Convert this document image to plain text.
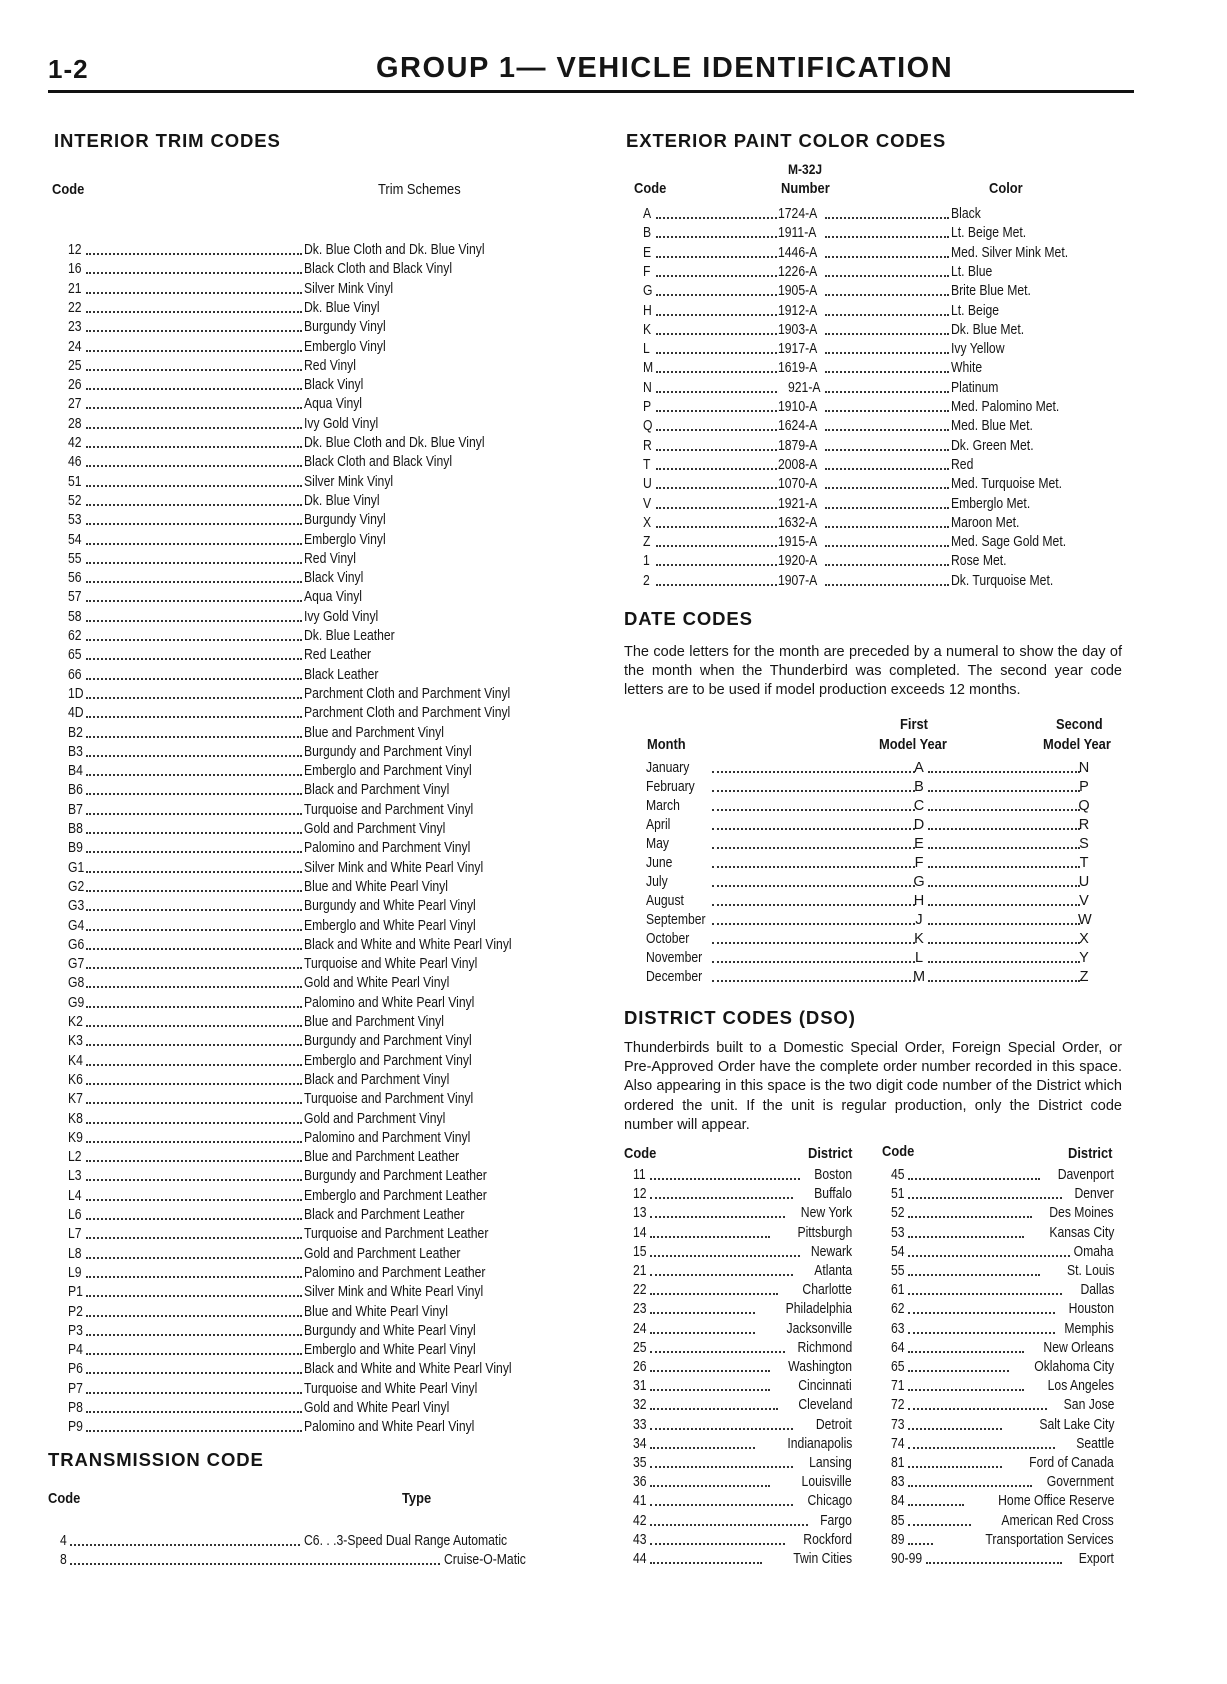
1-2	GROUP 1— VEHICLE IDENTIFICATION
INTERIOR TRIM CODES	EXTERIOR PAINT COLOR CODES
TRANSMISSION CODE
DATE CODES
DISTRICT CODES (DSO)
Code	Trim Schemes
12	Dk. Blue Cloth and Dk. Blue Vinyl
16	Black Cloth and Black Vinyl
21	Silver Mink Vinyl
22	Dk. Blue Vinyl
23	Burgundy Vinyl
24	Emberglo Vinyl
25	Red Vinyl
26	Black Vinyl
27	Aqua Vinyl
28	Ivy Gold Vinyl
42	Dk. Blue Cloth and Dk. Blue Vinyl
46	Black Cloth and Black Vinyl
51	Silver Mink Vinyl
52	Dk. Blue Vinyl
53	Burgundy Vinyl
54	Emberglo Vinyl
55	Red Vinyl
56	Black Vinyl
57	Aqua Vinyl
58	Ivy Gold Vinyl
62	Dk. Blue Leather
65	Red Leather
66	Black Leather
1D	Parchment Cloth and Parchment Vinyl
4D	Parchment Cloth and Parchment Vinyl
B2	Blue and Parchment Vinyl
B3	Burgundy and Parchment Vinyl
B4	Emberglo and Parchment Vinyl
B6	Black and Parchment Vinyl
B7	Turquoise and Parchment Vinyl
B8	Gold and Parchment Vinyl
B9	Palomino and Parchment Vinyl
G1	Silver Mink and White Pearl Vinyl
G2	Blue and White Pearl Vinyl
G3	Burgundy and White Pearl Vinyl
G4	Emberglo and White Pearl Vinyl
G6	Black and White and White Pearl Vinyl
G7	Turquoise and White Pearl Vinyl
G8	Gold and White Pearl Vinyl
G9	Palomino and White Pearl Vinyl
K2	Blue and Parchment Vinyl
K3	Burgundy and Parchment Vinyl
K4	Emberglo and Parchment Vinyl
K6	Black and Parchment Vinyl
K7	Turquoise and Parchment Vinyl
K8	Gold and Parchment Vinyl
K9	Palomino and Parchment Vinyl
L2	Blue and Parchment Leather
L3	Burgundy and Parchment Leather
L4	Emberglo and Parchment Leather
L6	Black and Parchment Leather
L7	Turquoise and Parchment Leather
L8	Gold and Parchment Leather
L9	Palomino and Parchment Leather
P1	Silver Mink and White Pearl Vinyl
P2	Blue and White Pearl Vinyl
P3	Burgundy and White Pearl Vinyl
P4	Emberglo and White Pearl Vinyl
P6	Black and White and White Pearl Vinyl
P7	Turquoise and White Pearl Vinyl
P8	Gold and White Pearl Vinyl
P9	Palomino and White Pearl Vinyl
Code	Type
4	C6. . .3-Speed Dual Range Automatic
8	Cruise-O-Matic
M-32J
Code	Number	Color
A	1724-A	Black
B	1911-A	Lt. Beige Met.
E	1446-A	Med. Silver Mink Met.
F	1226-A	Lt. Blue
G	1905-A	Brite Blue Met.
H	1912-A	Lt. Beige
K	1903-A	Dk. Blue Met.
L	1917-A	Ivy Yellow
M	1619-A	White
N	921-A	Platinum
P	1910-A	Med. Palomino Met.
Q	1624-A	Med. Blue Met.
R	1879-A	Dk. Green Met.
T	2008-A	Red
U	1070-A	Med. Turquoise Met.
V	1921-A	Emberglo Met.
X	1632-A	Maroon Met.
Z	1915-A	Med. Sage Gold Met.
1	1920-A	Rose Met.
2	1907-A	Dk. Turquoise Met.
The code letters for the month are preceded by a numeral to show the day of the month when the Thunderbird was completed. The second year code letters are to be used if model production exceeds 12 months.
First	Second
Month	Model Year	Model Year
January	A	N
February	B	P
March	C	Q
April	D	R
May	E	S
June	F	T
July	G	U
August	H	V
September	J	W
October	K	X
November	L	Y
December	M	Z
Thunderbirds built to a Domestic Special Order, Foreign Special Order, or Pre-Approved Order have the complete order number recorded in this space. Also appearing in this space is the two digit code number of the District which ordered the unit. If the unit is regular production, only the District code number will appear.
Code	District Code	District
11	Boston
12	Buffalo
13	New York
14	Pittsburgh
15	Newark
21	Atlanta
22	Charlotte
23	Philadelphia
24	Jacksonville
25	Richmond
26	Washington
31	Cincinnati
32	Cleveland
33	Detroit
34	Indianapolis
35	Lansing
36	Louisville
41	Chicago
42	Fargo
43	Rockford
44	Twin Cities
45	Davenport
51	Denver
52	Des Moines
53	Kansas City
54	Omaha
55	St. Louis
61	Dallas
62	Houston
63	Memphis
64	New Orleans
65	Oklahoma City
71	Los Angeles
72	San Jose
73	Salt Lake City
74	Seattle
81	Ford of Canada
83	Government
84	Home Office Reserve
85	American Red Cross
89	Transportation Services
90-99	Export
